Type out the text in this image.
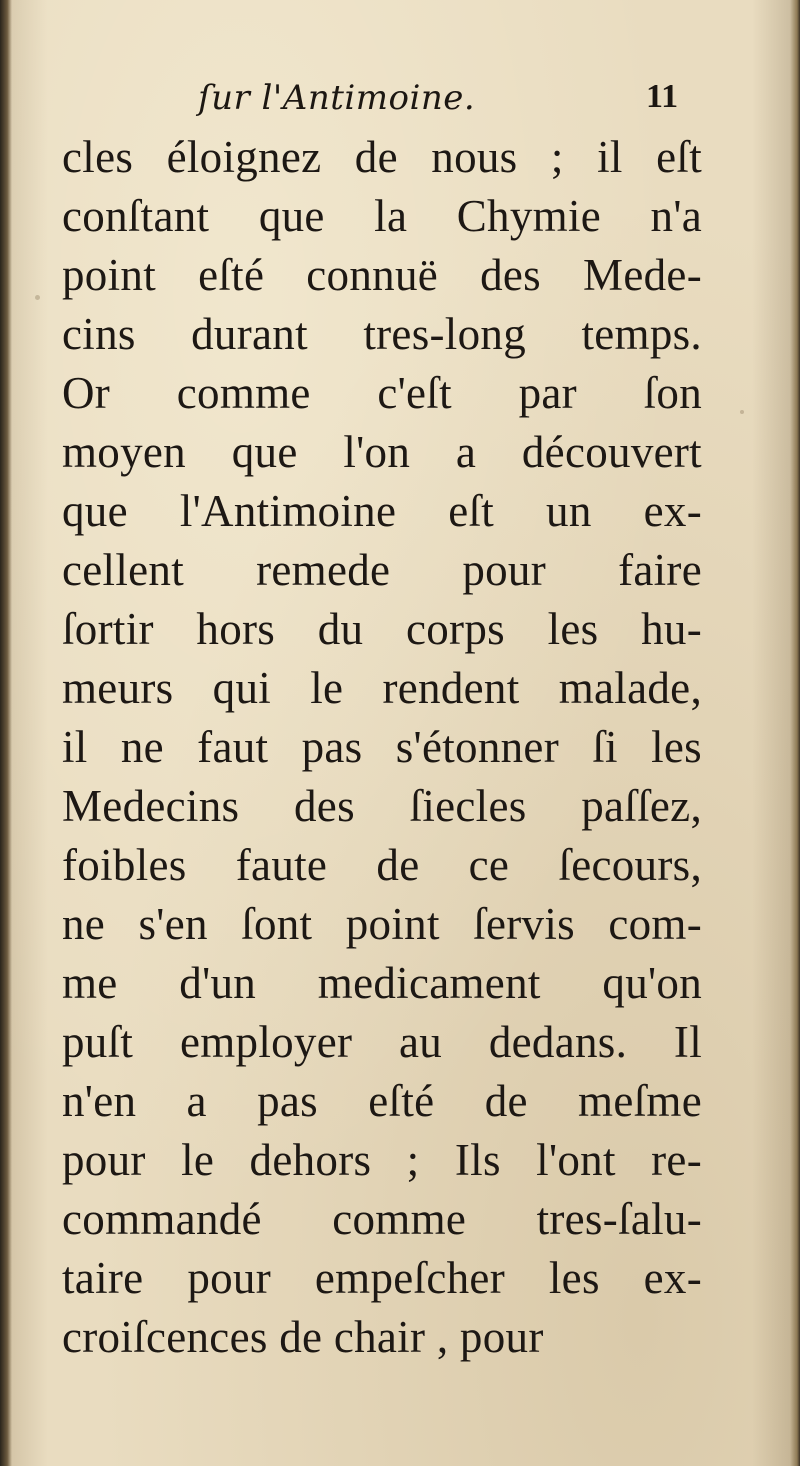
ſur l'Antimoine.	11
cles éloignez de nous ; il eſt
conſtant que la Chymie n'a
point eſté connuë des Mede-
cins durant tres-long temps.
Or comme c'eſt par ſon
moyen que l'on a découvert
que l'Antimoine eſt un ex-
cellent remede pour faire
ſortir hors du corps les hu-
meurs qui le rendent malade,
il ne faut pas s'étonner ſi les
Medecins des ſiecles paſſez,
foibles faute de ce ſecours,
ne s'en ſont point ſervis com-
me d'un medicament qu'on
puſt employer au dedans. Il
n'en a pas eſté de meſme
pour le dehors ; Ils l'ont re-
commandé comme tres-ſalu-
taire pour empeſcher les ex-
croiſcences de chair , pour
